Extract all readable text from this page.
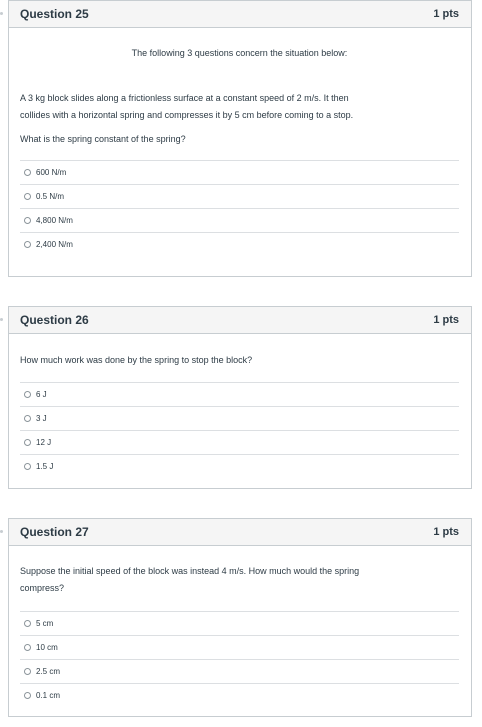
Question 25	1 pts

The following 3 questions concern the situation below:

A 3 kg block slides along a frictionless surface at a constant speed of 2 m/s. It then

collides with a horizontal spring and compresses it by 5 cm before coming to a stop.

What is the spring constant of the spring?

600 N/m
0.5 N/m
4,800 N/m
2,400 N/m
Question 26	1 pts

How much work was done by the spring to stop the block?

6 J
3 J
12 J
1.5 J
Question 27	1 pts

Suppose the initial speed of the block was instead 4 m/s. How much would the spring

compress?

5 cm
10 cm
2.5 cm
0.1 cm
